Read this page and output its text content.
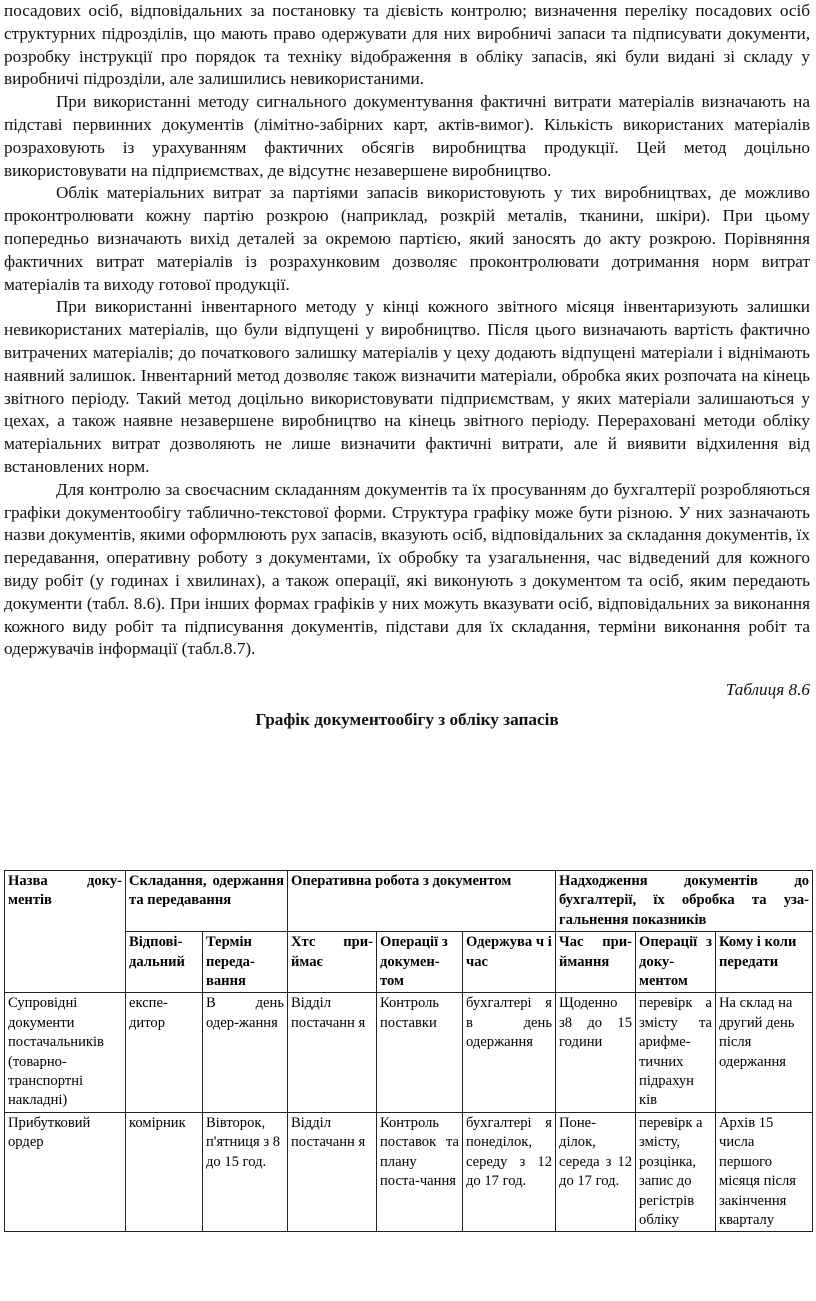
посадових осіб, відповідальних за постановку та дієвість контролю; визначення переліку посадових осіб структурних підрозділів, що мають право одержувати для них виробничі запаси та підписувати документи, розробку інструкції про порядок та техніку відображення в обліку запасів, які були видані зі складу у виробничі підрозділи, але залишились невикористаними.

При використанні методу сигнального документування фактичні витрати матеріалів визначають на підставі первинних документів (лімітно-забірних карт, актів-вимог). Кількість використаних матеріалів розраховують із урахуванням фактичних обсягів виробництва продукції. Цей метод доцільно використовувати на підприємствах, де відсутнє незавершене виробництво.

Облік матеріальних витрат за партіями запасів використовують у тих виробництвах, де можливо проконтролювати кожну партію розкрою (наприклад, розкрій металів, тканини, шкіри). При цьому попередньо визначають вихід деталей за окремою партією, який заносять до акту розкрою. Порівняння фактичних витрат матеріалів із розрахунковим дозволяє проконтролювати дотримання норм витрат матеріалів та виходу готової продукції.

При використанні інвентарного методу у кінці кожного звітного місяця інвентаризують залишки невикористаних матеріалів, що були відпущені у виробництво. Після цього визначають вартість фактично витрачених матеріалів; до початкового залишку матеріалів у цеху додають відпущені матеріали і віднімають наявний залишок. Інвентарний метод дозволяє також визначити матеріали, обробка яких розпочата на кінець звітного періоду. Такий метод доцільно використовувати підприємствам, у яких матеріали залишаються у цехах, а також наявне незавершене виробництво на кінець звітного періоду. Перераховані методи обліку матеріальних витрат дозволяють не лише визначити фактичні витрати, але й виявити відхилення від встановлених норм.

Для контролю за своєчасним складанням документів та їх просуванням до бухгалтерії розробляються графіки документообігу таблично-текстової форми. Структура графіку може бути різною. У них зазначають назви документів, якими оформлюють рух запасів, вказують осіб, відповідальних за складання документів, їх передавання, оперативну роботу з документами, їх обробку та узагальнення, час відведений для кожного виду робіт (у годинах і хвилинах), а також операції, які виконують з документом та осіб, яким передають документи (табл. 8.6). При інших формах графіків у них можуть вказувати осіб, відповідальних за виконання кожного виду робіт та підписування документів, підстави для їх складання, терміни виконання робіт та одержувачів інформації (табл.8.7).

Таблиця 8.6

Графік документообігу з обліку запасів

Назва доку-ментів	Складання, одержання та передавання		Оперативна робота з документом			Надходження документів до бухгалтерії, їх обробка та уза-гальнення показників		
	Відпові-дальний	Термін переда-вання	Хтс при-ймає	Операції з докумен-том	Одержува ч і час	Час при-ймання	Операції з доку-ментом	Кому і коли передати
Супровідні документи постачальників (товарно-транспортні накладні)	експе-дитор	В день одер-жання	Відділ постачанн я	Контроль поставки	бухгалтері я в день одержання	Щоденно з8 до 15 години	перевірк а змісту та арифме-тичних підрахун ків	На склад на другий день після одержання
Прибутковий ордер	комірник	Вівторок, п'ятниця з 8 до 15 год.	Відділ постачанн я	Контроль поставок та плану поста-чання	бухгалтері я понеділок, середу з 12 до 17 год.	Поне-ділок, середа з 12 до 17 год.	перевірк а змісту, розцінка, запис до регістрів обліку	Архів 15 числа першого місяця після закінчення кварталу
